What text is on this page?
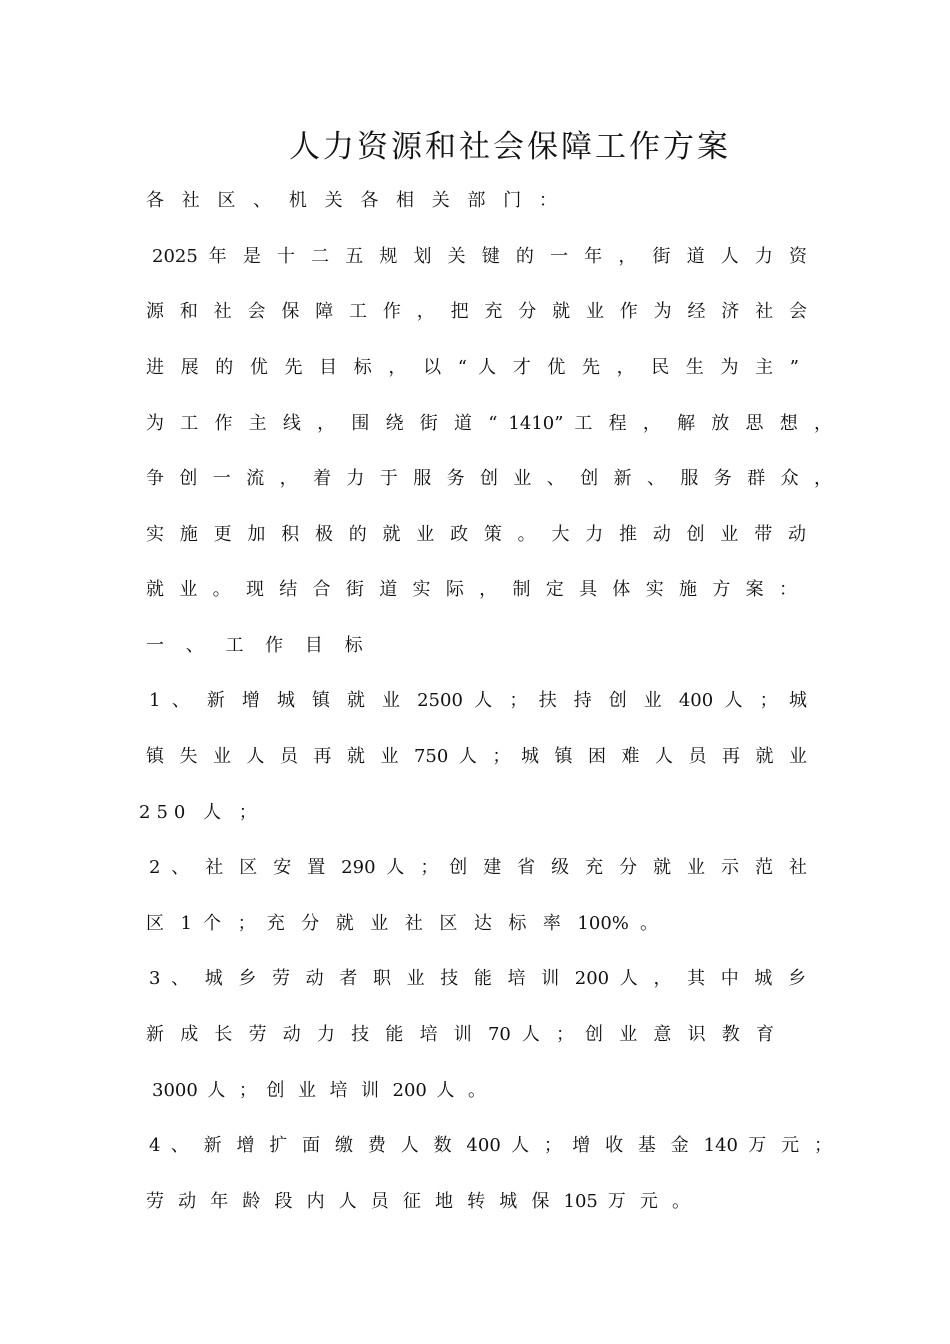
人力资源和社会保障工作方案
各 社 区 、 机 关 各 相 关 部 门 ：
2025 年 是 十 二 五 规 划 关 键 的 一 年 ， 街 道 人 力 资
源 和 社 会 保 障 工 作 ， 把 充 分 就 业 作 为 经 济 社 会
进 展 的 优 先 目 标 ， 以 “ 人 才 优 先 ， 民 生 为 主 ”
为 工 作 主 线 ， 围 绕 街 道 “ 1410” 工 程 ， 解 放 思 想 ，
争 创 一 流 ， 着 力 于 服 务 创 业 、 创 新 、 服 务 群 众 ，
实 施 更 加 积 极 的 就 业 政 策 。 大 力 推 动 创 业 带 动
就 业 。 现 结 合 街 道 实 际 ， 制 定 具 体 实 施 方 案 ：
一 、 工 作 目 标
1 、 新 增 城 镇 就 业 2500 人 ； 扶 持 创 业 400 人 ； 城
镇 失 业 人 员 再 就 业 750 人 ； 城 镇 困 难 人 员 再 就 业
250 人 ；
2 、 社 区 安 置 290 人 ； 创 建 省 级 充 分 就 业 示 范 社
区 1 个 ； 充 分 就 业 社 区 达 标 率 100% 。
3 、 城 乡 劳 动 者 职 业 技 能 培 训 200 人 ， 其 中 城 乡
新 成 长 劳 动 力 技 能 培 训 70 人 ； 创 业 意 识 教 育
3000 人 ； 创 业 培 训 200 人 。
4 、 新 增 扩 面 缴 费 人 数 400 人 ； 增 收 基 金 140 万 元 ；
劳 动 年 龄 段 内 人 员 征 地 转 城 保 105 万 元 。
